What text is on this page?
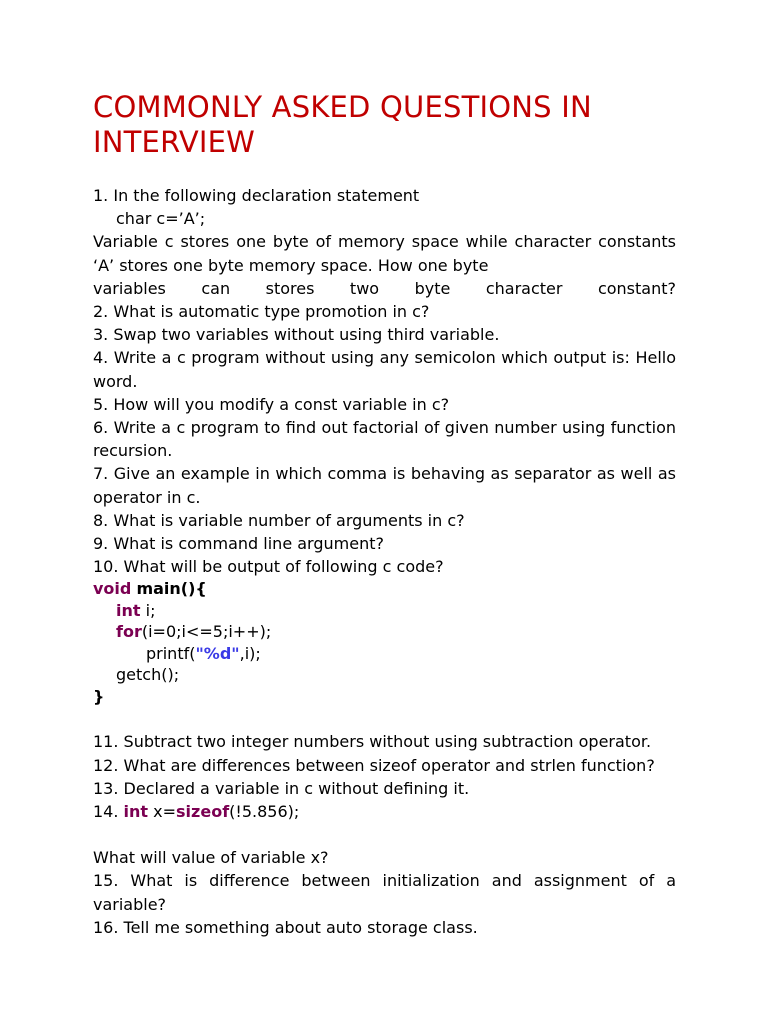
COMMONLY ASKED QUESTIONS IN INTERVIEW

1. In the following declaration statement

char c=’A’;

Variable c stores one byte of memory space while character constants ‘A’ stores one byte memory space. How one byte

variables can stores two byte character constant?

2. What is automatic type promotion in c?

3. Swap two variables without using third variable.

4. Write a c program without using any semicolon which output is: Hello word.

5. How will you modify a const variable in c?

6. Write a c program to find out factorial of given number using function recursion.

7. Give an example in which comma is behaving as separator as well as operator in c.

8. What is variable number of arguments in c?

9. What is command line argument?

10. What will be output of following c code?

void main(){

int i;

for(i=0;i<=5;i++);

printf("%d",i);

getch();

}

11. Subtract two integer numbers without using subtraction operator.

12. What are differences between sizeof operator and strlen function?

13. Declared a variable in c without defining it.

14. int x=sizeof(!5.856);

What will value of variable x?

15. What is difference between initialization and assignment of a variable?

16. Tell me something about auto storage class.
